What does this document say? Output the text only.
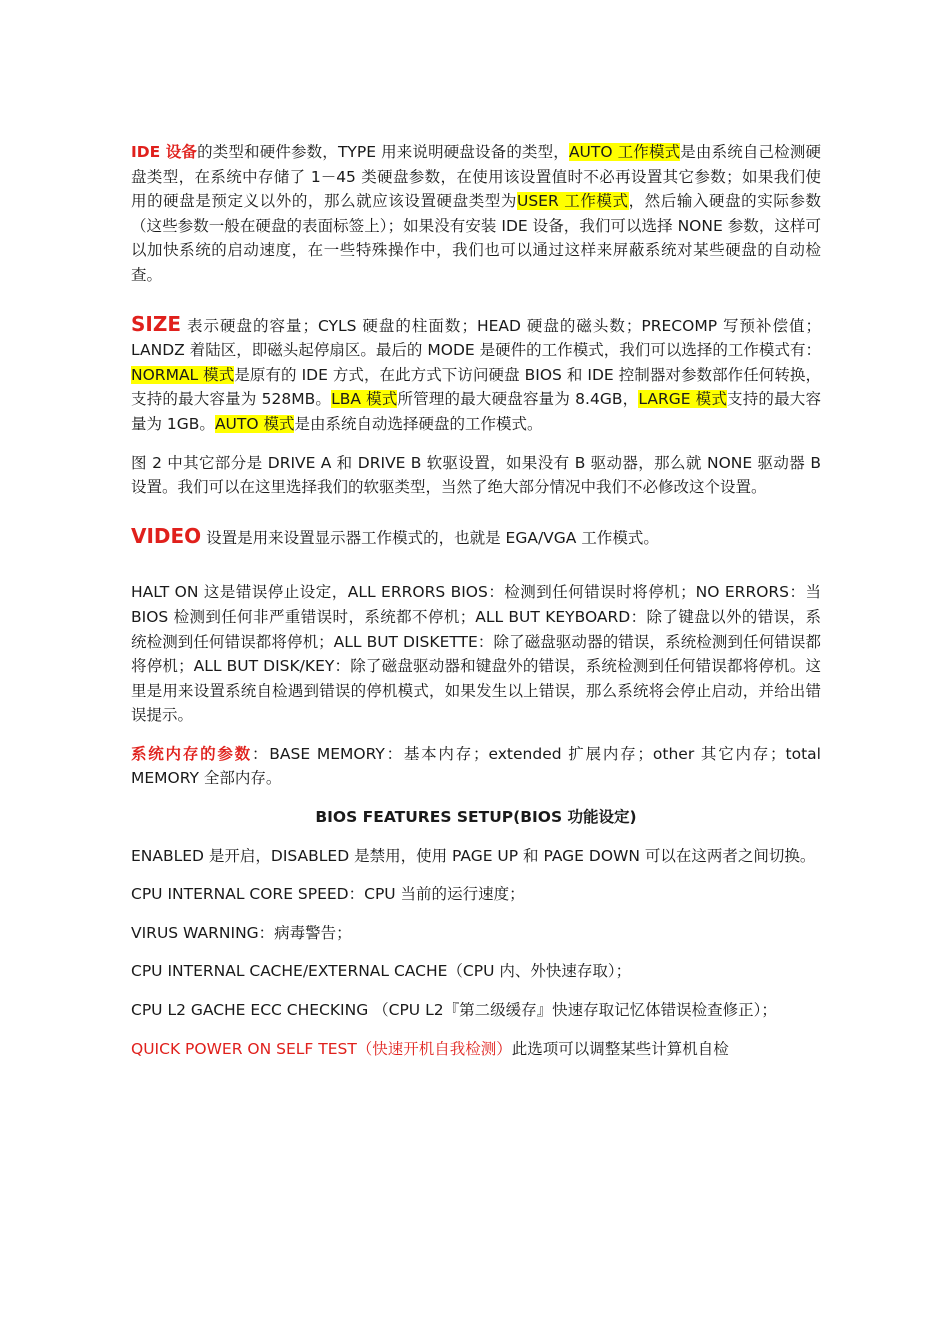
IDE 设备的类型和硬件参数，TYPE 用来说明硬盘设备的类型，AUTO 工作模式是由系统自己检测硬盘类型，在系统中存储了 1－45 类硬盘参数，在使用该设置值时不必再设置其它参数；如果我们使用的硬盘是预定义以外的，那么就应该设置硬盘类型为USER 工作模式，然后输入硬盘的实际参数（这些参数一般在硬盘的表面标签上）；如果没有安装 IDE 设备，我们可以选择 NONE 参数，这样可以加快系统的启动速度，在一些特殊操作中，我们也可以通过这样来屏蔽系统对某些硬盘的自动检查。

SIZE 表示硬盘的容量；CYLS 硬盘的柱面数；HEAD 硬盘的磁头数；PRECOMP 写预补偿值；LANDZ 着陆区，即磁头起停扇区。最后的 MODE 是硬件的工作模式，我们可以选择的工作模式有：NORMAL 模式是原有的 IDE 方式，在此方式下访问硬盘 BIOS 和 IDE 控制器对参数部作任何转换，支持的最大容量为 528MB。LBA 模式所管理的最大硬盘容量为 8.4GB，LARGE 模式支持的最大容量为 1GB。AUTO 模式是由系统自动选择硬盘的工作模式。

图 2 中其它部分是 DRIVE A 和 DRIVE B 软驱设置，如果没有 B 驱动器，那么就 NONE 驱动器 B 设置。我们可以在这里选择我们的软驱类型，当然了绝大部分情况中我们不必修改这个设置。

VIDEO 设置是用来设置显示器工作模式的，也就是 EGA/VGA 工作模式。

HALT ON 这是错误停止设定，ALL ERRORS BIOS：检测到任何错误时将停机；NO ERRORS：当 BIOS 检测到任何非严重错误时，系统都不停机；ALL BUT KEYBOARD：除了键盘以外的错误，系统检测到任何错误都将停机；ALL BUT DISKETTE：除了磁盘驱动器的错误，系统检测到任何错误都将停机；ALL BUT DISK/KEY：除了磁盘驱动器和键盘外的错误，系统检测到任何错误都将停机。这里是用来设置系统自检遇到错误的停机模式，如果发生以上错误，那么系统将会停止启动，并给出错误提示。

系统内存的参数：BASE MEMORY：基本内存；extended 扩展内存；other 其它内存；total MEMORY 全部内存。

BIOS FEATURES SETUP(BIOS 功能设定)

ENABLED 是开启，DISABLED 是禁用，使用 PAGE UP 和 PAGE DOWN 可以在这两者之间切换。

CPU INTERNAL CORE SPEED：CPU 当前的运行速度；

VIRUS WARNING：病毒警告；

CPU INTERNAL CACHE/EXTERNAL CACHE（CPU 内、外快速存取）；

CPU L2 GACHE ECC CHECKING （CPU L2『第二级缓存』快速存取记忆体错误检查修正）；

QUICK POWER ON SELF TEST（快速开机自我检测）此选项可以调整某些计算机自检
